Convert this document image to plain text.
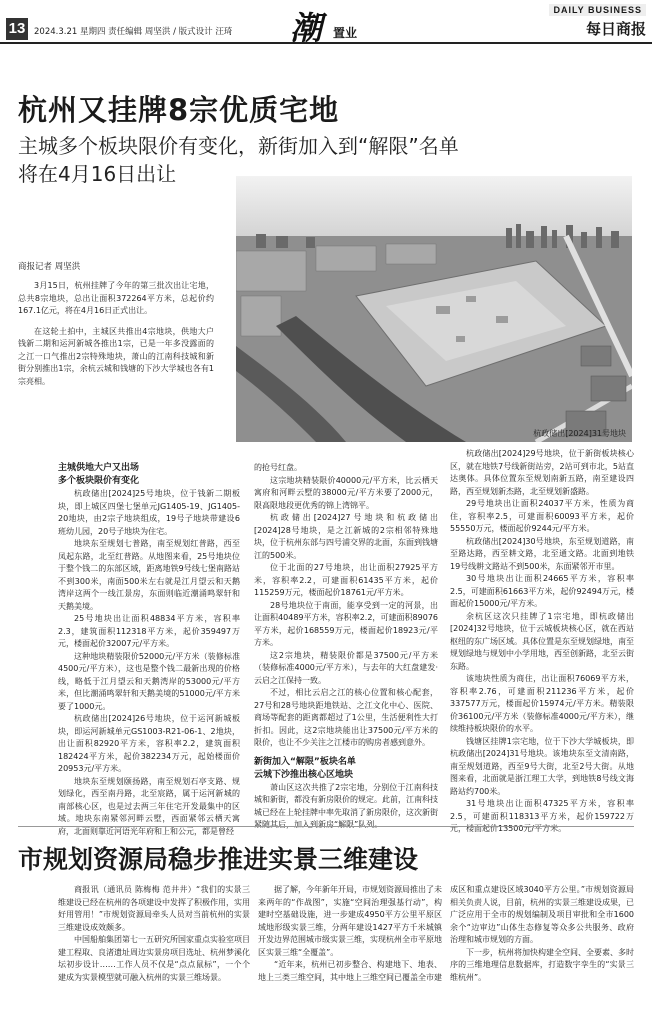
13	2024.3.21 星期四 责任编辑 周坚洪 / 版式设计 汪琦 潮 置业
DAILY BUSINESS
每日商报
杭州又挂牌8宗优质宅地
主城多个板块限价有变化，新街加入到“解限”名单
将在4月16日出让
杭政储出[2024]31号地块
商报记者 周坚洪

3月15日，杭州挂牌了今年的第三批次出让宅地，总共8宗地块，总出让面积372264平方米，总起价约167.1亿元，将在4月16日正式出让。

在这轮土拍中，主城区共推出4宗地块，供地大户钱新二期和运河新城各推出1宗，已是一年多没露面的之江一口气推出2宗特殊地块，萧山的江南科技城和新街分别推出1宗，余杭云城和钱塘的下沙大学城也各有1宗亮相。

主城供地大户又出场
多个板块限价有变化

杭政储出[2024]25号地块，位于钱新二期板块，即上城区四堡七堡单元JG1405-19、JG1405-20地块，由2宗子地块组成，19号子地块带建设6班幼儿园，20号子地块为住宅。

地块东至规划七普路，南至规划红普路，西至凤起东路，北至红普路。从地图来看，25号地块位于整个钱二的东部区域，距离地铁9号线七堡南路站不到300米，南面500米左右就是江月望云和天鹅湾岸这两个一线江景房，东面则临近潮涌鸣翠轩和天鹅美境。

25号地块出让面积48834平方米，容积率2.3，建筑面积112318平方米，起价359497万元，楼面起价32007元/平方米。

这种地块精装限价52000元/平方米（装修标准4500元/平方米），这也是整个钱二最新出现的价格线，略低于江月望云和天鹅湾岸的53000元/平方米，但比潮涌鸣翠轩和天鹅美境的51000元/平方米要了1000元。

杭政储出[2024]26号地块，位于运河新城板块，即运河新城单元GS1003-R21-06-1、2地块，出让面积82920平方米，容积率2.2，建筑面积182424平方米，起价382234万元，起始楼面价20953元/平方米。

地块东至规划颐扬路，南至规划石亭支路、规划绿化，西至南丹路，北至宸路，属于运河新城的南部核心区，也是过去两三年住宅开发最集中的区域。地块东南紧邻河畔云墅，西面紧邻云栖天寓府，北面则靠近河语光年府和上和公元，都是曾经

的抢号红盘。

这宗地块精装限价40000元/平方米，比云栖天寓府和河畔云墅的38000元/平方米要了2000元，限高限地段更优秀的锦上湾锦平。

杭政储出[2024]27号地块和杭政储出[2024]28号地块，是之江新城的2宗相邻特殊地块，位于杭州东部与四号浦交界的北面，东面到钱塘江的500米。

位于北面的27号地块，出让面积27925平方米，容积率2.2，可建面积61435平方米，起价115259万元，楼面起价18761元/平方米。

28号地块位于南面，能享受到一定的河景，出让面积40489平方米，容积率2.2，可建面积89076平方米，起价168559万元，楼面起价18923元/平方米。

这2宗地块，精装限价都是37500元/平方米（装修标准4000元/平方米），与去年的大红盘建发·云启之江保持一致。

不过，相比云启之江的核心位置和核心配套，27号和28号地块距地铁站、之江文化中心、医院、商场等配套的距离都超过了1公里，生活便利性大打折扣。因此，这2宗地块能出让37500元/平方米的限价，也让不少关注之江楼市的购房者感到意外。

新街加入“解限”板块名单
云城下沙推出核心区地块

萧山区这次共推了2宗宅地，分别位于江南科技城和新街，都没有新房限价的规定。此前，江南科技城已经在上轮挂牌中率先取消了新房限价，这次新街紧随其后，加入到新房“解限”队列。

杭政储出[2024]29号地块，位于新街板块核心区，就在地铁7号线新街站旁，2站可到市北，5站直达奥体。具体位置东至规划南新五路，南至建设四路，西至规划新杰路，北至规划新盛路。

29号地块出让面积24037平方米，性质为商住，容积率2.5，可建面积60093平方米，起价55550万元，楼面起价9244元/平方米。

杭政储出[2024]30号地块，东至规划道路，南至路达路，西至耕文路，北至通文路。北面到地铁19号线耕文路站不到500米，东面紧邻开市里。

30号地块出让面积24665平方米，容积率2.5，可建面积61663平方米，起价92494万元，楼面起价15000元/平方米。

余杭区这次只挂牌了1宗宅地，即杭政储出[2024]32号地块，位于云城板块核心区，就在西站枢纽的东广场区域。具体位置是东至规划绿地，南至规划绿地与规划中小学用地，西至创新路，北至云街东路。

该地块性质为商住，出让面积76069平方米，容积率2.76，可建面积211236平方米，起价337577万元，楼面起价15974元/平方米。精装限价36100元/平方米（装修标准4000元/平方米），继续维持板块限价的水平。

钱塘区挂牌1宗宅地，位于下沙大学城板块，即杭政储出[2024]31号地块。该地块东至文清南路，南至规划道路，西至9号大街，北至2号大街。从地图来看，北面就是浙江理工大学，到地铁8号线文海路站约700米。

31号地块出让面积47325平方米，容积率2.5，可建面积118313平方米，起价159722万元，楼面起价13500元/平方米。

市规划资源局稳步推进实景三维建设

商报讯（通讯员 陈梅梅 范井井）“我们的实景三维建设已经在杭州的各项建设中发挥了积极作用，实用好用管用！”市规划资源局牵头人员对当前杭州的实景三维建设成效颇多。

中国船舶集团第七一五研究所国家重点实验室项目建工程取、良渚遗址周边实景房项目选址、杭州梦溪化坛初步设计……工作人员不仅是“点点鼠标”，一个个建成为实景模型就可融入杭州的实景三维场景。

据了解，今年新年开局，市规划资源局推出了未来两年的“作战图”，实施“空间治理强基行动”，构建时空基础设施，进一步建成4950平方公里平原区域地形级实景三维，分两年建设1427平方千米城镇开发边界范围城市级实景三维，实现杭州全市平原地区实景三维“全覆盖”。

“近年来，杭州已初步整合、构建地下、地表、地上三类三维空间，其中地上三维空间已覆盖全市建

成区和重点建设区域3040平方公里。”市规划资源局相关负责人说，目前，杭州的实景三维建设成果，已广泛应用于全市的规划编制及项目审批和全市1600余个“边审边”山体生态修复等众多公共服务、政府治理和城市规划的方面。

下一步，杭州将加快构建全空间、全要素、多时序的三维地理信息数据库，打造数字孪生的“实景三维杭州”。
